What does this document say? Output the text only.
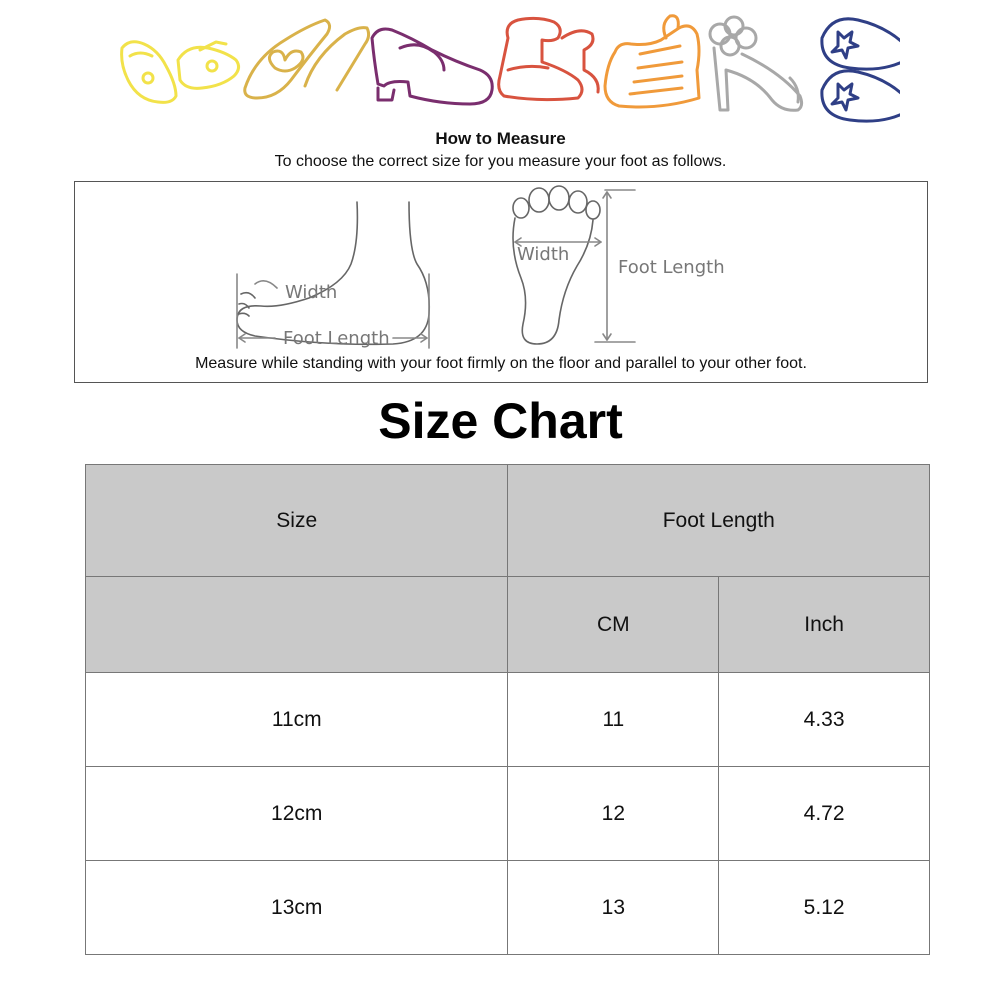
How to Measure
To choose the correct size for you measure your foot as follows.
Width
Foot Length
Width
Foot Length
Measure while standing with your foot firmly on the floor and parallel to your other foot.
Size Chart
Size	Foot Length	
	CM	Inch
11cm	11	4.33
12cm	12	4.72
13cm	13	5.12
